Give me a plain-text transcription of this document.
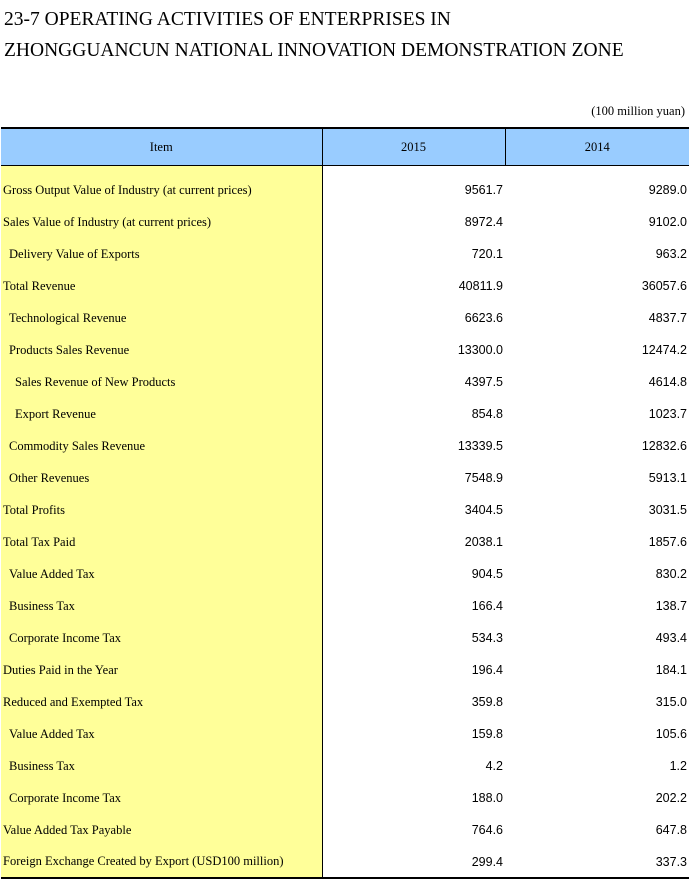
23-7 OPERATING ACTIVITIES OF ENTERPRISES IN
ZHONGGUANCUN NATIONAL INNOVATION DEMONSTRATION ZONE
(100 million yuan)
Item	2015	2014
Gross Output Value of Industry (at current prices)	9561.7	9289.0
Sales Value of Industry (at current prices)	8972.4	9102.0
Delivery Value of Exports	720.1	963.2
Total Revenue	40811.9	36057.6
Technological Revenue	6623.6	4837.7
Products Sales Revenue	13300.0	12474.2
Sales Revenue of New Products	4397.5	4614.8
Export Revenue	854.8	1023.7
Commodity Sales Revenue	13339.5	12832.6
Other Revenues	7548.9	5913.1
Total Profits	3404.5	3031.5
Total Tax Paid	2038.1	1857.6
Value Added Tax	904.5	830.2
Business Tax	166.4	138.7
Corporate Income Tax	534.3	493.4
Duties Paid in the Year	196.4	184.1
Reduced and Exempted Tax	359.8	315.0
Value Added Tax	159.8	105.6
Business Tax	4.2	1.2
Corporate Income Tax	188.0	202.2
Value Added Tax Payable	764.6	647.8
Foreign Exchange Created by Export (USD100 million)	299.4	337.3
